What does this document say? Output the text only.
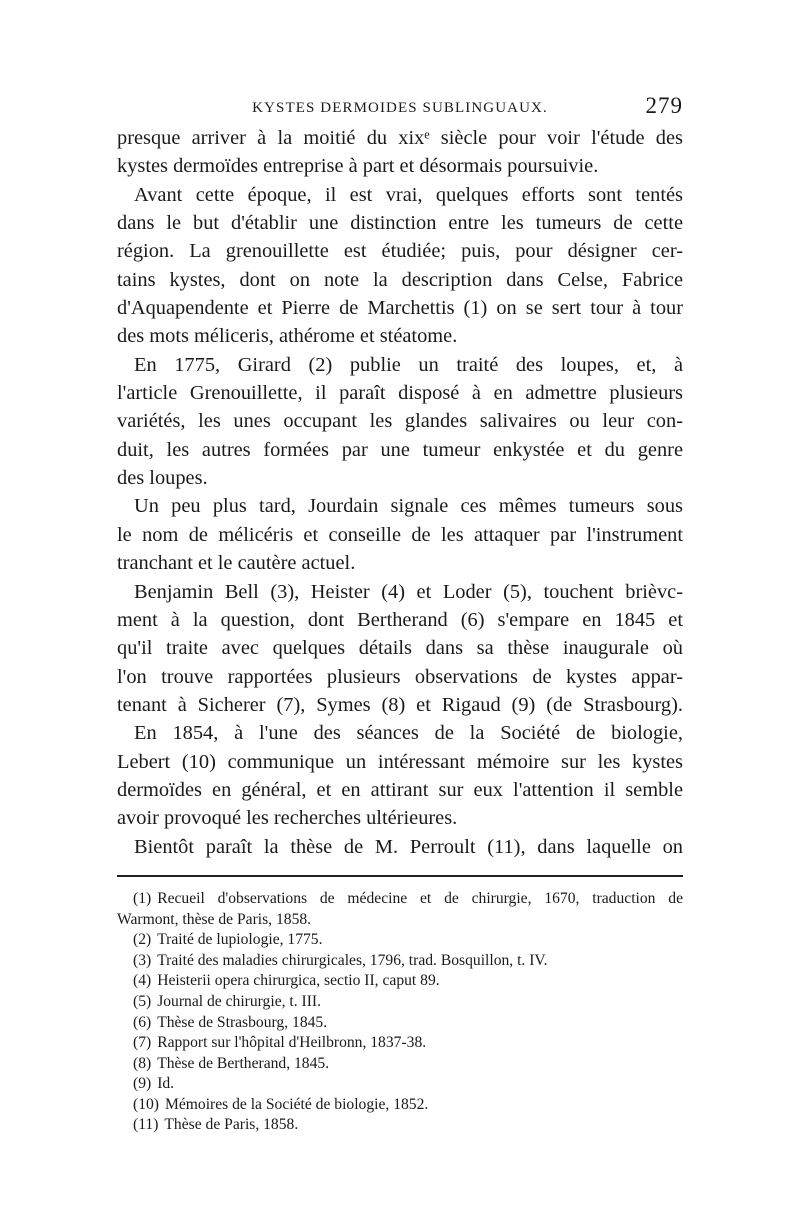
KYSTES DERMOIDES SUBLINGUAUX.	279
presque arriver à la moitié du xixᵉ siècle pour voir l'étude des
kystes dermoïdes entreprise à part et désormais poursuivie.
Avant cette époque, il est vrai, quelques efforts sont tentés
dans le but d'établir une distinction entre les tumeurs de cette
région. La grenouillette est étudiée; puis, pour désigner cer-
tains kystes, dont on note la description dans Celse, Fabrice
d'Aquapendente et Pierre de Marchettis (1) on se sert tour à tour
des mots méliceris, athérome et stéatome.
En 1775, Girard (2) publie un traité des loupes, et, à
l'article Grenouillette, il paraît disposé à en admettre plusieurs
variétés, les unes occupant les glandes salivaires ou leur con-
duit, les autres formées par une tumeur enkystée et du genre
des loupes.
Un peu plus tard, Jourdain signale ces mêmes tumeurs sous
le nom de mélicéris et conseille de les attaquer par l'instrument
tranchant et le cautère actuel.
Benjamin Bell (3), Heister (4) et Loder (5), touchent brièvc-
ment à la question, dont Bertherand (6) s'empare en 1845 et
qu'il traite avec quelques détails dans sa thèse inaugurale où
l'on trouve rapportées plusieurs observations de kystes appar-
tenant à Sicherer (7), Symes (8) et Rigaud (9) (de Strasbourg).
En 1854, à l'une des séances de la Société de biologie,
Lebert (10) communique un intéressant mémoire sur les kystes
dermoïdes en général, et en attirant sur eux l'attention il semble
avoir provoqué les recherches ultérieures.
Bientôt paraît la thèse de M. Perroult (11), dans laquelle on
(1) Recueil d'observations de médecine et de chirurgie, 1670, traduction de
Warmont, thèse de Paris, 1858.
(2) Traité de lupiologie, 1775.
(3) Traité des maladies chirurgicales, 1796, trad. Bosquillon, t. IV.
(4) Heisterii opera chirurgica, sectio II, caput 89.
(5) Journal de chirurgie, t. III.
(6) Thèse de Strasbourg, 1845.
(7) Rapport sur l'hôpital d'Heilbronn, 1837-38.
(8) Thèse de Bertherand, 1845.
(9) Id.
(10) Mémoires de la Société de biologie, 1852.
(11) Thèse de Paris, 1858.
